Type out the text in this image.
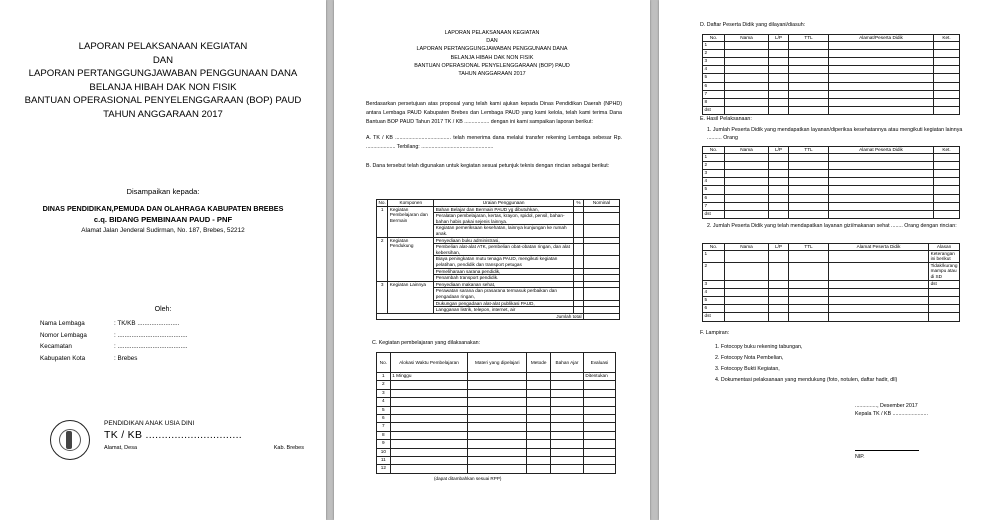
LAPORAN PELAKSANAAN KEGIATAN
DAN
LAPORAN PERTANGGUNGJAWABAN PENGGUNAAN DANA
BELANJA HIBAH DAK NON FISIK
BANTUAN OPERASIONAL PENYELENGGARAAN (BOP) PAUD
TAHUN ANGGARAAN 2017
Disampaikan kepada:
DINAS PENDIDIKAN,PEMUDA DAN OLAHRAGA KABUPATEN BREBES
c.q. BIDANG PEMBINAAN PAUD - PNF
Alamat Jalan Jenderal Sudirman, No. 187, Brebes, 52212
Oleh:
Nama Lembaga	: TK/KB ........................
Nomor Lembaga	: ........................................
Kecamatan	: ........................................
Kabupaten Kota	: Brebes
PENDIDIKAN ANAK USIA DINI
TK / KB ..............................
Alamat, Desa	Kab. Brebes
LAPORAN PELAKSANAAN KEGIATAN
DAN
LAPORAN PERTANGGUNGJAWABAN PENGGUNAAN DANA
BELANJA HIBAH DAK NON FISIK
BANTUAN OPERASIONAL PENYELENGGARAAN (BOP) PAUD
TAHUN ANGGARAAN 2017

Berdasarkan persetujuan atas proposal yang telah kami ajukan kepada Dinas Pendidikan Daerah (NPHD) antara Lembaga PAUD Kabupaten Brebes dan Lembaga PAUD yang kami kelola, telah kami terima Dana Bantuan BOP PAUD Tahun 2017 TK / KB ................. dengan ini kami sampaikan laporan berikut:

A. TK / KB ...................................... telah menerima dana melalui transfer rekening Lembaga sebesar Rp. .................... Terbilang: .................................................

B. Dana tersebut telah digunakan untuk kegiatan sesuai petunjuk teknis dengan rincian sebagai berikut:

No.	Komponen	Uraian Penggunaan	%	Nominal
1	Kegiatan Pembelajaran dan Bermain	Bahan Belajar dan Bermain PAUD yg dibutuhkan,		
		Peralatan pembelajaran, kertas, krayon, spidol, pensil, bahan-bahan habis pakai sejenis lainnya.		
		Kegiatan pemeriksaan kesehatan, lainnya kunjungan ke rumah anak.		
2	Kegiatan Pendukung	Penyediaan buku administrasi,		
		Pembelian alat-alat ATK, pembelian obat-obatan ringan, dan alat kebersihan,		
		Biaya peningkatan mutu tenaga PAUD, mengikuti kegiatan pelatihan, pendidik dan transport petugas		
		Pemeliharaan sarana pendidik,		
		Penambah transport pendidik.		
3	Kegiatan Lainnya	Penyediaan makanan sehat,		
		Perawatan sarana dan prasarana termasuk perbaikan dan pengadaan ringan,		
		Dukungan pengadaan alat-alat publikasi PAUD,		
		Langganan listrik, telepon, internet, air		
Jumlah total				
C. Kegiatan pembelajaran yang dilaksanakan:
No.	Alokasi Waktu Pembelajaran	Materi yang dipelajari	Metode	Bahan Ajar	Evaluasi
1	1 Minggu				Ditentukan
2					
3					
4					
5					
6					
7					
8					
9					
10					
11					
12					
(dapat ditambahkan sesuai RPP)
D. Daftar Peserta Didik yang dilayani/diasuh:
No.	Nama	L/P	TTL	Alamat/Peserta Didik	Ket.
1					
2					
3					
4					
5					
6					
7					
8					
dst					
E. Hasil Pelaksanaan:
1. Jumlah Peserta Didik yang mendapatkan layanan/diperiksa kesehatannya atau mengikuti kegiatan lainnya .......... Orang
No.	Nama	L/P	TTL	Alamat Peserta Didik	Ket.
1					
2					
3					
4					
5					
6					
7					
dst					
2. Jumlah Peserta Didik yang telah mendapatkan layanan gizi/makanan sehat ........ Orang dengan rincian:
No.	Nama	L/P	TTL	Alamat Peserta Didik	Alasan
1					Keterangan ini berikut
2					Tidak/kurang mampu atau di SD
3					dst
4					
5					
6					
dst					
F. Lampiran:
1. Fotocopy buku rekening tabungan,
2. Fotocopy Nota Pembelian,
3. Fotocopy Bukti Kegiatan,
4. Dokumentasi pelaksanaan yang mendukung (foto, notulen, daftar hadir, dll)
..............., Desember 2017
Kepala TK / KB ........................
NIP.
